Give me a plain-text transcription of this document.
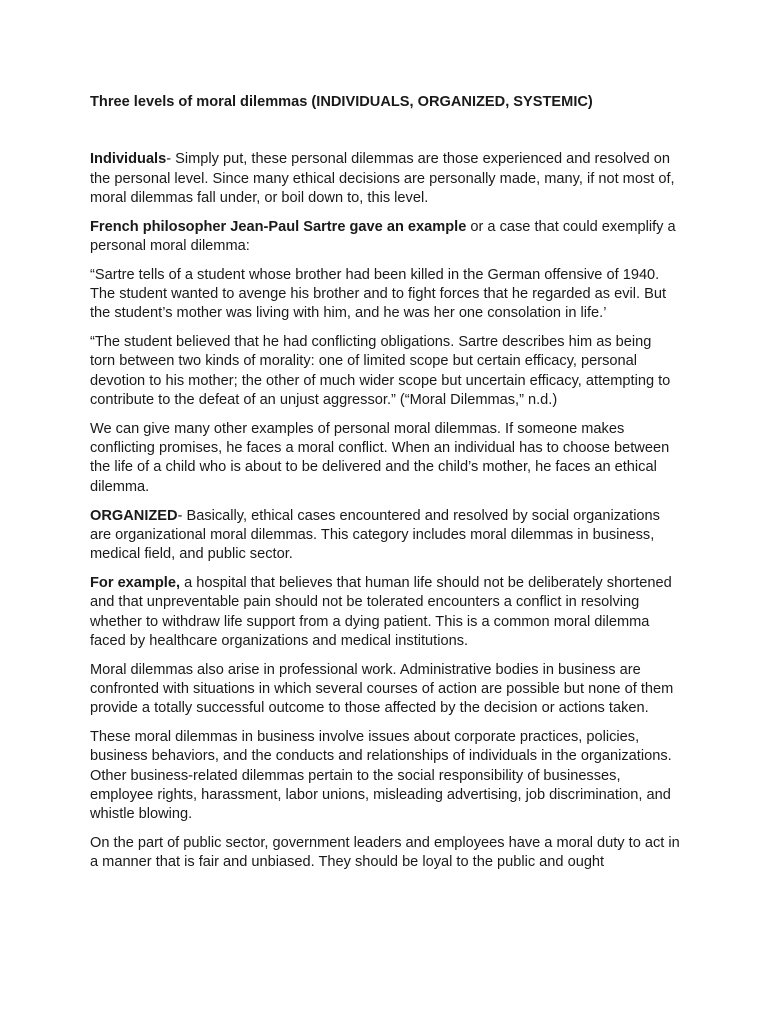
Three levels of moral dilemmas (INDIVIDUALS, ORGANIZED, SYSTEMIC)

Individuals- Simply put, these personal dilemmas are those experienced and resolved on the personal level. Since many ethical decisions are personally made, many, if not most of, moral dilemmas fall under, or boil down to, this level.

French philosopher Jean-Paul Sartre gave an example or a case that could exemplify a personal moral dilemma:

“Sartre tells of a student whose brother had been killed in the German offensive of 1940. The student wanted to avenge his brother and to fight forces that he regarded as evil. But the student’s mother was living with him, and he was her one consolation in life.’

“The student believed that he had conflicting obligations. Sartre describes him as being torn between two kinds of morality: one of limited scope but certain efficacy, personal devotion to his mother; the other of much wider scope but uncertain efficacy, attempting to contribute to the defeat of an unjust aggressor.” (“Moral Dilemmas,” n.d.)

We can give many other examples of personal moral dilemmas. If someone makes conflicting promises, he faces a moral conflict. When an individual has to choose between the life of a child who is about to be delivered and the child’s mother, he faces an ethical dilemma.

ORGANIZED- Basically, ethical cases encountered and resolved by social organizations are organizational moral dilemmas. This category includes moral dilemmas in business, medical field, and public sector.

For example, a hospital that believes that human life should not be deliberately shortened and that unpreventable pain should not be tolerated encounters a conflict in resolving whether to withdraw life support from a dying patient. This is a common moral dilemma faced by healthcare organizations and medical institutions.

Moral dilemmas also arise in professional work. Administrative bodies in business are confronted with situations in which several courses of action are possible but none of them provide a totally successful outcome to those affected by the decision or actions taken.

These moral dilemmas in business involve issues about corporate practices, policies, business behaviors, and the conducts and relationships of individuals in the organizations. Other business-related dilemmas pertain to the social responsibility of businesses, employee rights, harassment, labor unions, misleading advertising, job discrimination, and whistle blowing.

On the part of public sector, government leaders and employees have a moral duty to act in a manner that is fair and unbiased. They should be loyal to the public and ought
